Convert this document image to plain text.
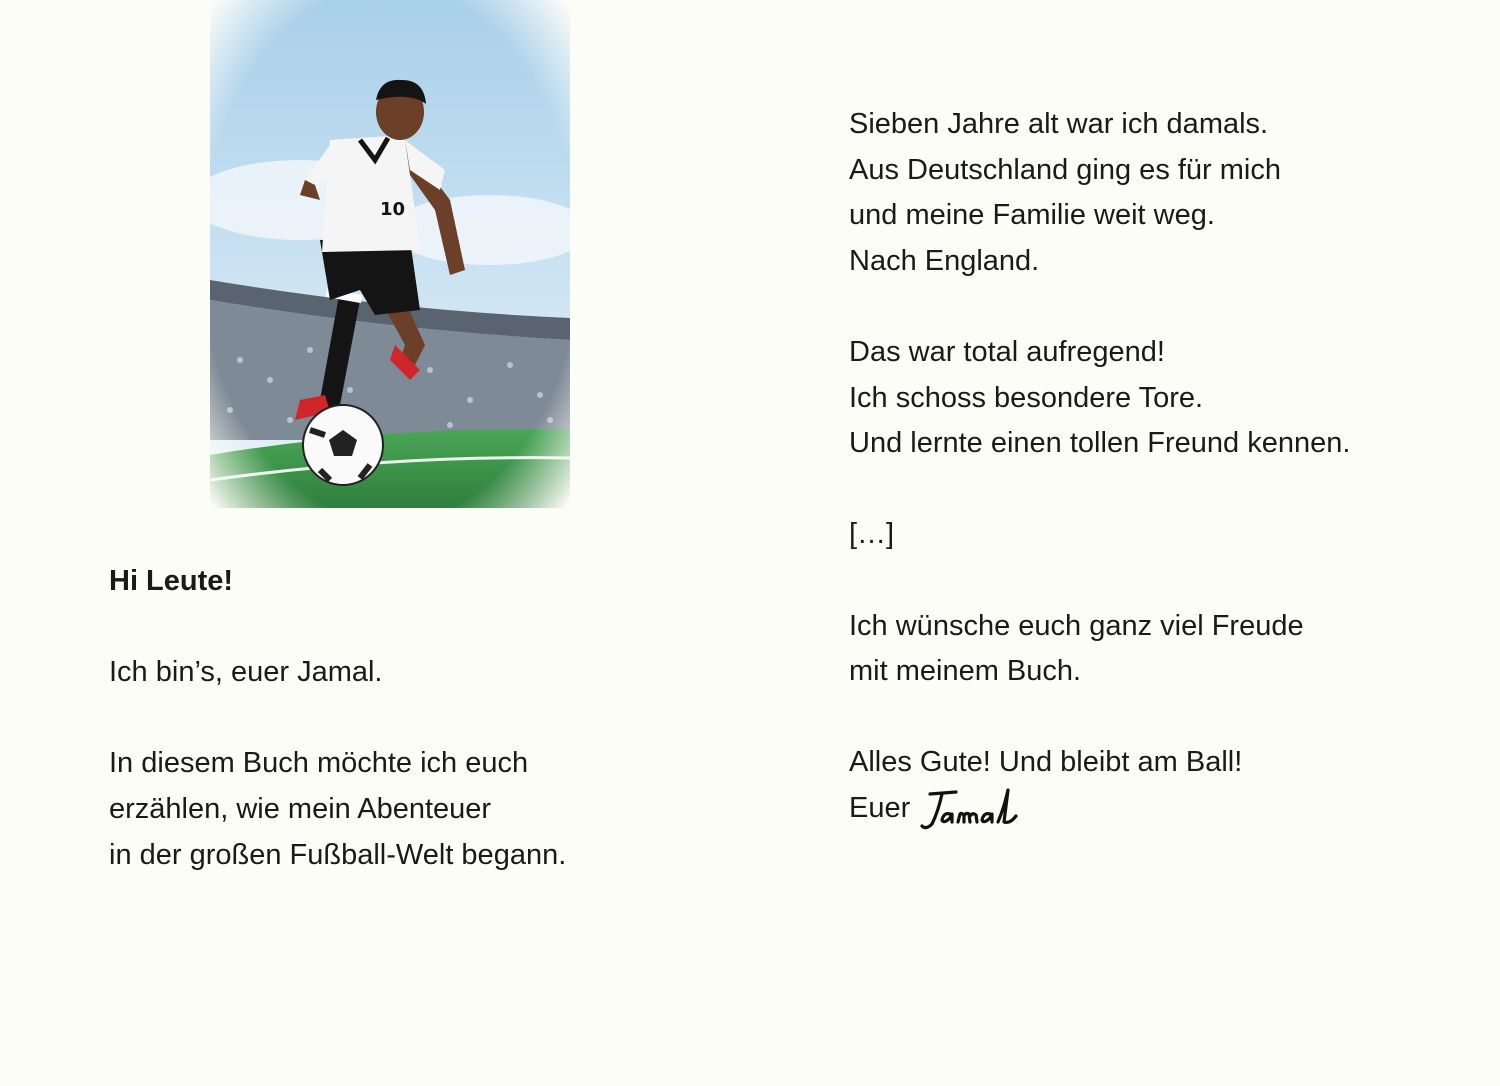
Hi Leute!
Ich bin’s, euer Jamal.
In diesem Buch möchte ich euch
erzählen, wie mein Abenteuer
in der großen Fußball-Welt begann.
Sieben Jahre alt war ich damals.
Aus Deutschland ging es für mich
und meine Familie weit weg.
Nach England.
Das war total aufregend!
Ich schoss besondere Tore.
Und lernte einen tollen Freund kennen.
[…]
Ich wünsche euch ganz viel Freude
mit meinem Buch.
Alles Gute! Und bleibt am Ball!
Euer
